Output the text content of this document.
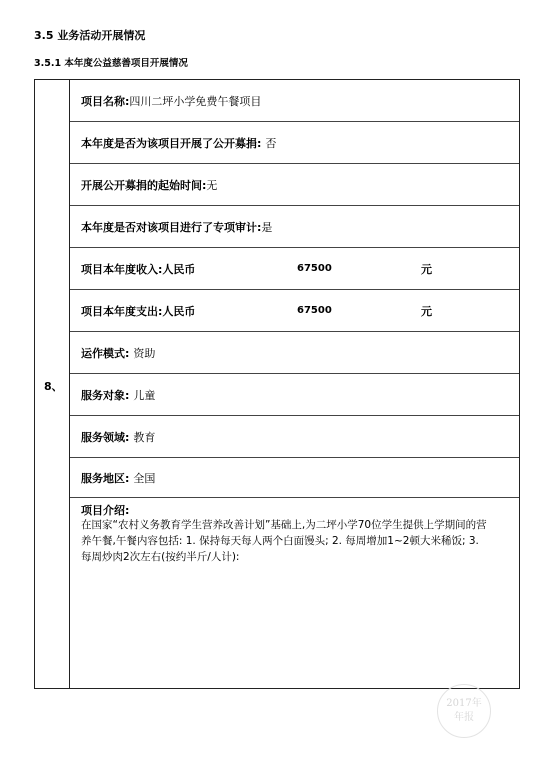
3.5 业务活动开展情况
3.5.1 本年度公益慈善项目开展情况
8、
项目名称: 四川二坪小学免费午餐项目
本年度是否为该项目开展了公开募捐: 否
开展公开募捐的起始时间: 无
本年度是否对该项目进行了专项审计: 是
项目本年度收入:人民币	67500	元
项目本年度支出:人民币	67500	元
运作模式: 资助
服务对象: 儿童
服务领域: 教育
服务地区: 全国
项目介绍:
在国家“农村义务教育学生营养改善计划”基础上,为二坪小学70位学生提供上学期间的营养午餐,午餐内容包括: 1. 保持每天每人两个白面馒头; 2. 每周增加1~2顿大米稀饭; 3. 每周炒肉2次左右(按约半斤/人计):
2017年
年报
